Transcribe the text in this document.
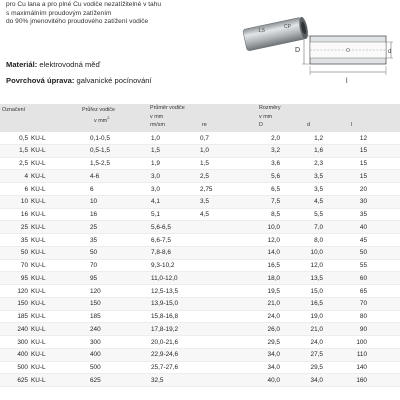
pro Cu lana a pro plné Cu vodiče nezatížitelné v tahu
s maximálním proudovým zatížením
do 90% jmenovitého proudového zatížení vodiče
Materiál: elektrovodná měď
Povrchová úprava: galvanické pocínování
1,5
CP
D	d
l
Označení	Průřez vodiče
v $mm^2$
Průměr vodiče
v mm
rm/sm	re
Rozměry
v mm
D	d	l
0,5 KU-L	0,1-0,5	1,0	0,7	2,0	1,2	12
1,5 KU-L	0,5-1,5	1,5	1,0	3,2	1,6	15
2,5 KU-L	1,5-2,5	1,9	1,5	3,6	2,3	15
4 KU-L	4-6	3,0	2,5	5,6	3,5	15
6 KU-L	6	3,0	2,75	6,5	3,5	20
10 KU-L	10	4,1	3,5	7,5	4,5	30
16 KU-L	16	5,1	4,5	8,5	5,5	35
25 KU-L	25	5,6-6,5	10,0	7,0	40
35 KU-L	35	6,6-7,5	12,0	8,0	45
50 KU-L	50	7,8-8,6	14,0	10,0	50
70 KU-L	70	9,3-10,2	16,5	12,0	55
95 KU-L	95	11,0-12,0	18,0	13,5	60
120 KU-L	120	12,5-13,5	19,5	15,0	65
150 KU-L	150	13,9-15,0	21,0	16,5	70
185 KU-L	185	15,8-16,8	24,0	19,0	80
240 KU-L	240	17,8-19,2	26,0	21,0	90
300 KU-L	300	20,0-21,6	29,5	24,0	100
400 KU-L	400	22,9-24,6	34,0	27,5	110
500 KU-L	500	25,7-27,6	34,0	29,5	140
625 KU-L	625	32,5	40,0	34,0	160
